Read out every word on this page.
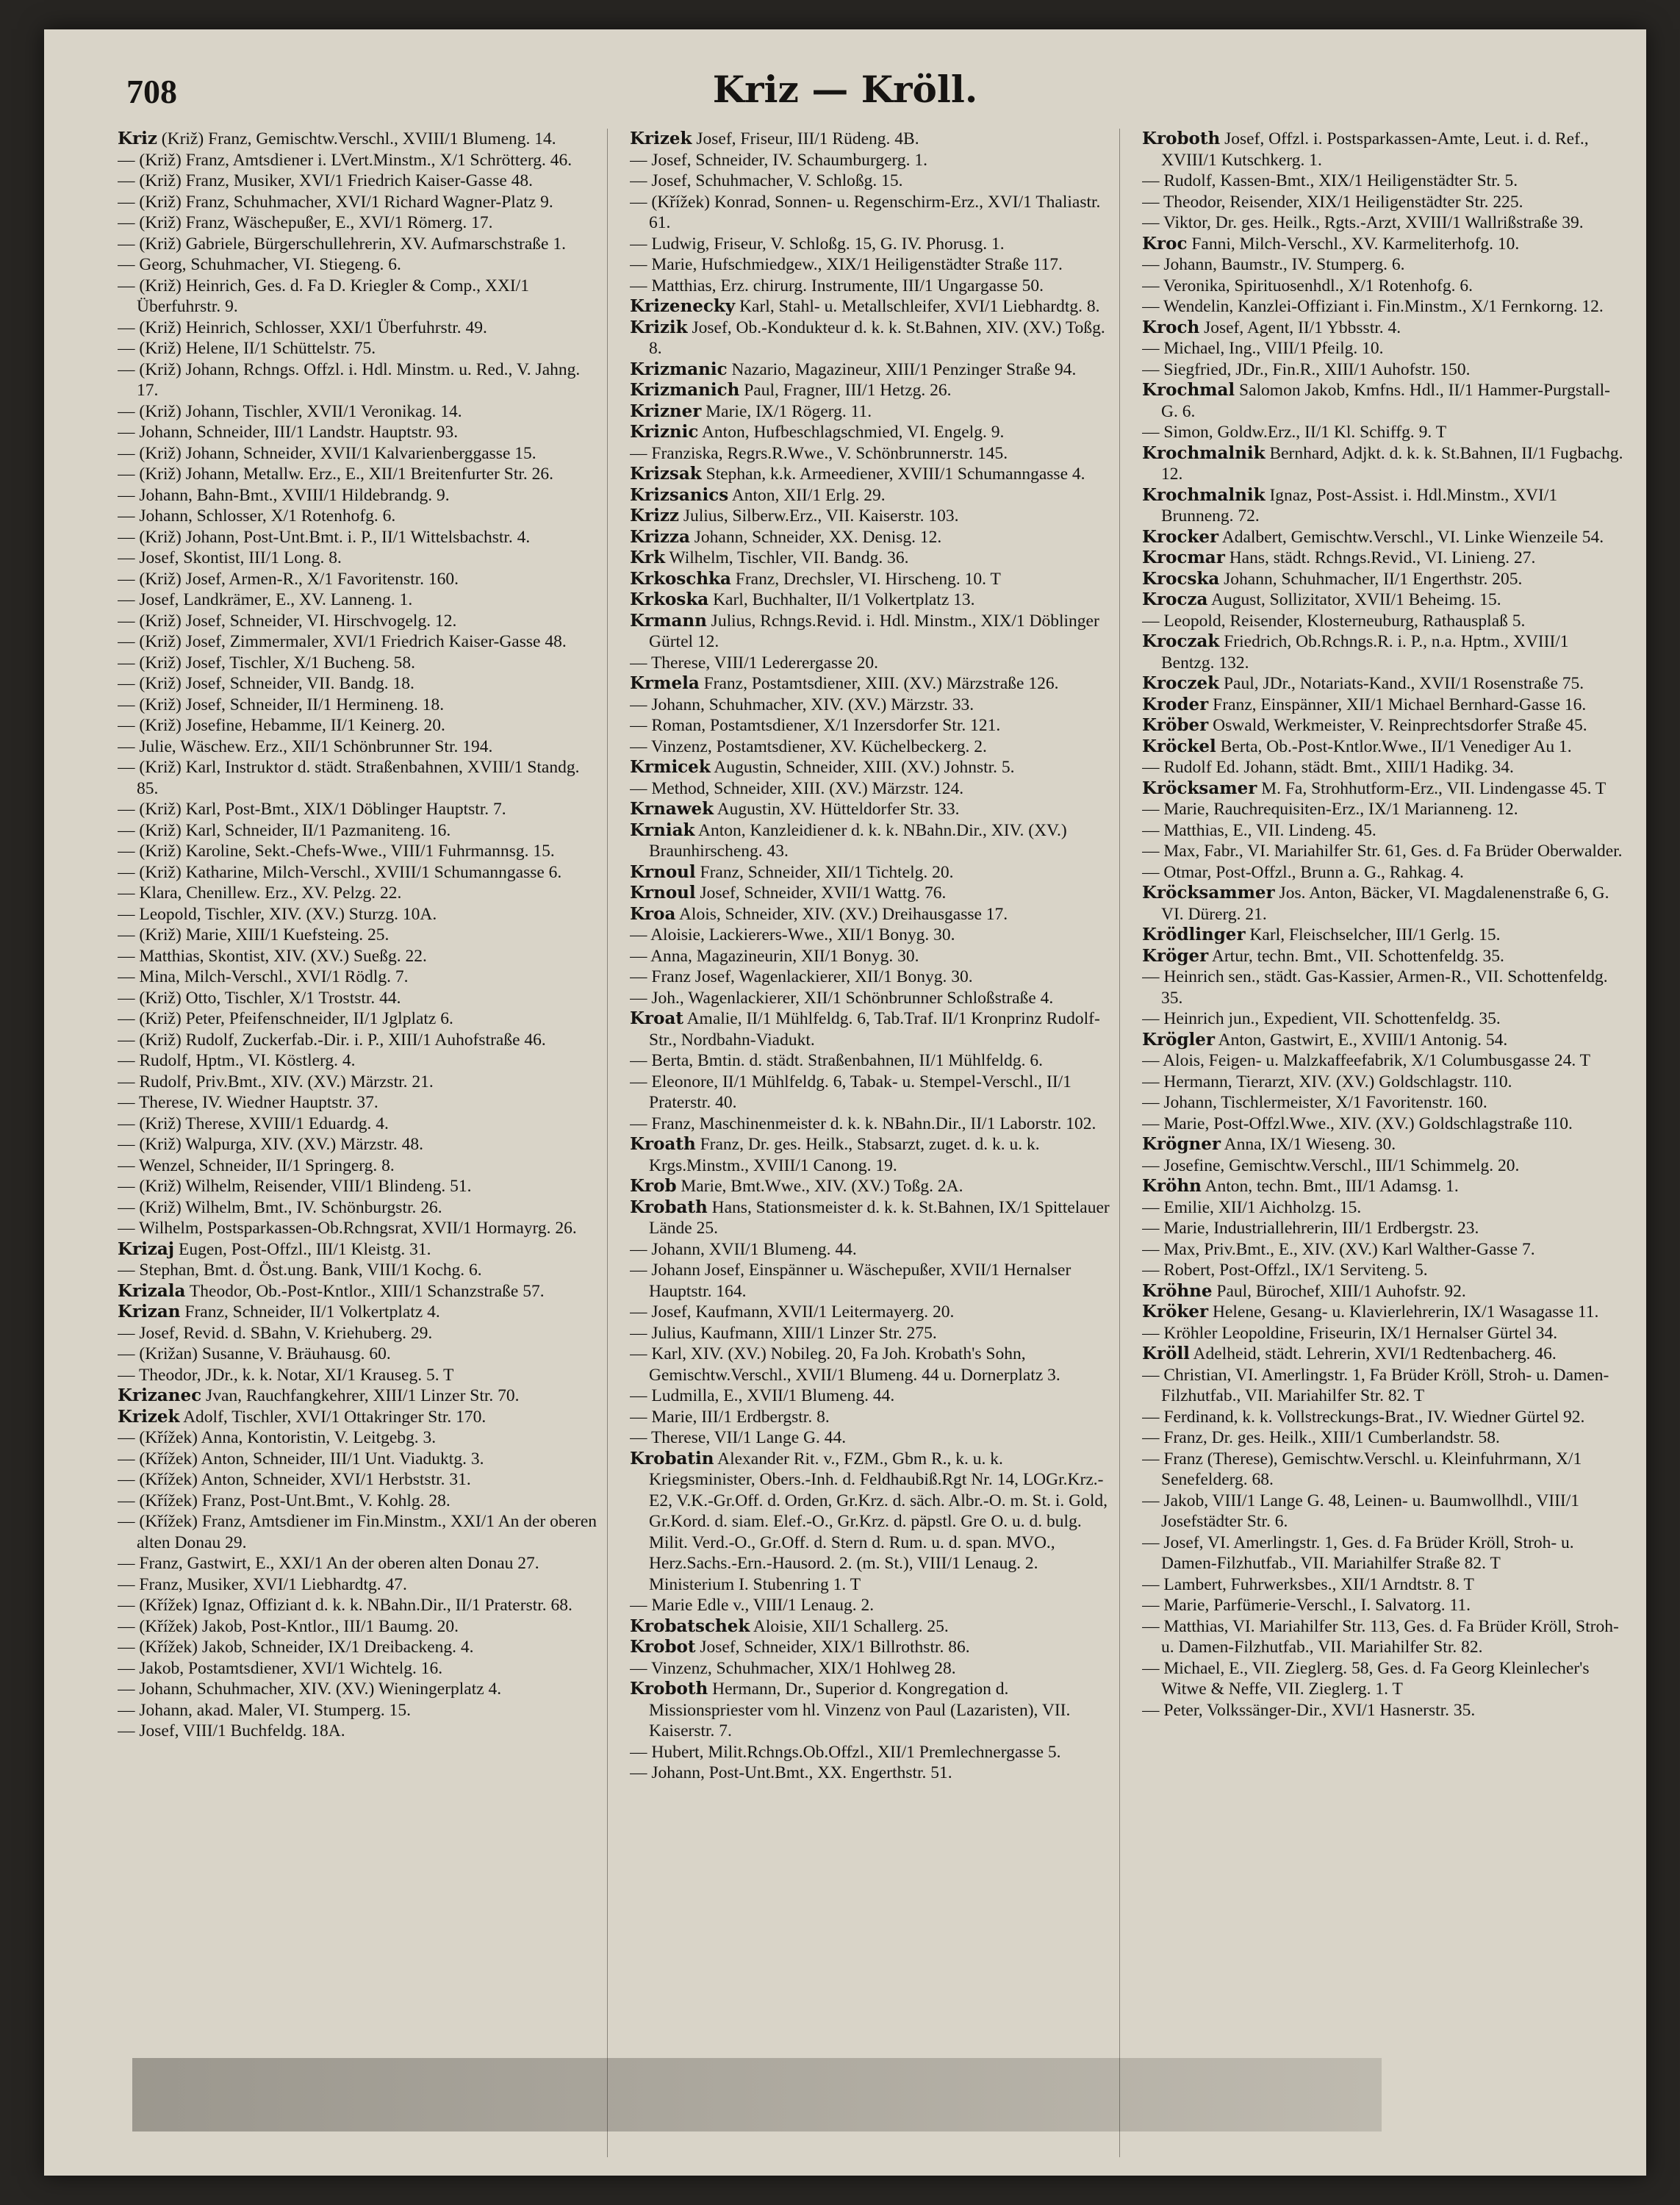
708	Kriz — Kröll.

Kriz (Križ) Franz, Gemischtw.Verschl., XVIII/1 Blumeng. 14.

— (Križ) Franz, Amtsdiener i. LVert.Minstm., X/1 Schrötterg. 46.

— (Križ) Franz, Musiker, XVI/1 Friedrich Kaiser-Gasse 48.

— (Križ) Franz, Schuhmacher, XVI/1 Richard Wagner-Platz 9.

— (Križ) Franz, Wäschepußer, E., XVI/1 Römerg. 17.

— (Križ) Gabriele, Bürgerschullehrerin, XV. Aufmarschstraße 1.

— Georg, Schuhmacher, VI. Stiegeng. 6.

— (Križ) Heinrich, Ges. d. Fa D. Kriegler & Comp., XXI/1 Überfuhrstr. 9.

— (Križ) Heinrich, Schlosser, XXI/1 Überfuhrstr. 49.

— (Križ) Helene, II/1 Schüttelstr. 75.

— (Križ) Johann, Rchngs. Offzl. i. Hdl. Minstm. u. Red., V. Jahng. 17.

— (Križ) Johann, Tischler, XVII/1 Veronikag. 14.

— Johann, Schneider, III/1 Landstr. Hauptstr. 93.

— (Križ) Johann, Schneider, XVII/1 Kalvarienberggasse 15.

— (Križ) Johann, Metallw. Erz., E., XII/1 Breitenfurter Str. 26.

— Johann, Bahn-Bmt., XVIII/1 Hildebrandg. 9.

— Johann, Schlosser, X/1 Rotenhofg. 6.

— (Križ) Johann, Post-Unt.Bmt. i. P., II/1 Wittelsbachstr. 4.

— Josef, Skontist, III/1 Long. 8.

— (Križ) Josef, Armen-R., X/1 Favoritenstr. 160.

— Josef, Landkrämer, E., XV. Lanneng. 1.

— (Križ) Josef, Schneider, VI. Hirschvogelg. 12.

— (Križ) Josef, Zimmermaler, XVI/1 Friedrich Kaiser-Gasse 48.

— (Križ) Josef, Tischler, X/1 Bucheng. 58.

— (Križ) Josef, Schneider, VII. Bandg. 18.

— (Križ) Josef, Schneider, II/1 Hermineng. 18.

— (Križ) Josefine, Hebamme, II/1 Keinerg. 20.

— Julie, Wäschew. Erz., XII/1 Schönbrunner Str. 194.

— (Križ) Karl, Instruktor d. städt. Straßenbahnen, XVIII/1 Standg. 85.

— (Križ) Karl, Post-Bmt., XIX/1 Döblinger Hauptstr. 7.

— (Križ) Karl, Schneider, II/1 Pazmaniteng. 16.

— (Križ) Karoline, Sekt.-Chefs-Wwe., VIII/1 Fuhrmannsg. 15.

— (Križ) Katharine, Milch-Verschl., XVIII/1 Schumanngasse 6.

— Klara, Chenillew. Erz., XV. Pelzg. 22.

— Leopold, Tischler, XIV. (XV.) Sturzg. 10A.

— (Križ) Marie, XIII/1 Kuefsteing. 25.

— Matthias, Skontist, XIV. (XV.) Sueßg. 22.

— Mina, Milch-Verschl., XVI/1 Rödlg. 7.

— (Križ) Otto, Tischler, X/1 Troststr. 44.

— (Križ) Peter, Pfeifenschneider, II/1 Jglplatz 6.

— (Križ) Rudolf, Zuckerfab.-Dir. i. P., XIII/1 Auhofstraße 46.

— Rudolf, Hptm., VI. Köstlerg. 4.

— Rudolf, Priv.Bmt., XIV. (XV.) Märzstr. 21.

— Therese, IV. Wiedner Hauptstr. 37.

— (Križ) Therese, XVIII/1 Eduardg. 4.

— (Križ) Walpurga, XIV. (XV.) Märzstr. 48.

— Wenzel, Schneider, II/1 Springerg. 8.

— (Križ) Wilhelm, Reisender, VIII/1 Blindeng. 51.

— (Križ) Wilhelm, Bmt., IV. Schönburgstr. 26.

— Wilhelm, Postsparkassen-Ob.Rchngsrat, XVII/1 Hormayrg. 26.

Krizaj Eugen, Post-Offzl., III/1 Kleistg. 31.

— Stephan, Bmt. d. Öst.ung. Bank, VIII/1 Kochg. 6.

Krizala Theodor, Ob.-Post-Kntlor., XIII/1 Schanzstraße 57.

Krizan Franz, Schneider, II/1 Volkertplatz 4.

— Josef, Revid. d. SBahn, V. Kriehuberg. 29.

— (Križan) Susanne, V. Bräuhausg. 60.

— Theodor, JDr., k. k. Notar, XI/1 Krauseg. 5. T

Krizanec Jvan, Rauchfangkehrer, XIII/1 Linzer Str. 70.

Krizek Adolf, Tischler, XVI/1 Ottakringer Str. 170.

— (Křížek) Anna, Kontoristin, V. Leitgebg. 3.

— (Křížek) Anton, Schneider, III/1 Unt. Viaduktg. 3.

— (Křížek) Anton, Schneider, XVI/1 Herbststr. 31.

— (Křížek) Franz, Post-Unt.Bmt., V. Kohlg. 28.

— (Křížek) Franz, Amtsdiener im Fin.Minstm., XXI/1 An der oberen alten Donau 29.

— Franz, Gastwirt, E., XXI/1 An der oberen alten Donau 27.

— Franz, Musiker, XVI/1 Liebhardtg. 47.

— (Křížek) Ignaz, Offiziant d. k. k. NBahn.Dir., II/1 Praterstr. 68.

— (Křížek) Jakob, Post-Kntlor., III/1 Baumg. 20.

— (Křížek) Jakob, Schneider, IX/1 Dreibackeng. 4.

— Jakob, Postamtsdiener, XVI/1 Wichtelg. 16.

— Johann, Schuhmacher, XIV. (XV.) Wieningerplatz 4.

— Johann, akad. Maler, VI. Stumperg. 15.

— Josef, VIII/1 Buchfeldg. 18A.

Krizek Josef, Friseur, III/1 Rüdeng. 4B.

— Josef, Schneider, IV. Schaumburgerg. 1.

— Josef, Schuhmacher, V. Schloßg. 15.

— (Křížek) Konrad, Sonnen- u. Regenschirm-Erz., XVI/1 Thaliastr. 61.

— Ludwig, Friseur, V. Schloßg. 15, G. IV. Phorusg. 1.

— Marie, Hufschmiedgew., XIX/1 Heiligenstädter Straße 117.

— Matthias, Erz. chirurg. Instrumente, III/1 Ungargasse 50.

Krizenecky Karl, Stahl- u. Metallschleifer, XVI/1 Liebhardtg. 8.

Krizik Josef, Ob.-Kondukteur d. k. k. St.Bahnen, XIV. (XV.) Toßg. 8.

Krizmanic Nazario, Magazineur, XIII/1 Penzinger Straße 94.

Krizmanich Paul, Fragner, III/1 Hetzg. 26.

Krizner Marie, IX/1 Rögerg. 11.

Kriznic Anton, Hufbeschlagschmied, VI. Engelg. 9.

— Franziska, Regrs.R.Wwe., V. Schönbrunnerstr. 145.

Krizsak Stephan, k.k. Armeediener, XVIII/1 Schumanngasse 4.

Krizsanics Anton, XII/1 Erlg. 29.

Krizz Julius, Silberw.Erz., VII. Kaiserstr. 103.

Krizza Johann, Schneider, XX. Denisg. 12.

Krk Wilhelm, Tischler, VII. Bandg. 36.

Krkoschka Franz, Drechsler, VI. Hirscheng. 10. T

Krkoska Karl, Buchhalter, II/1 Volkertplatz 13.

Krmann Julius, Rchngs.Revid. i. Hdl. Minstm., XIX/1 Döblinger Gürtel 12.

— Therese, VIII/1 Lederergasse 20.

Krmela Franz, Postamtsdiener, XIII. (XV.) Märzstraße 126.

— Johann, Schuhmacher, XIV. (XV.) Märzstr. 33.

— Roman, Postamtsdiener, X/1 Inzersdorfer Str. 121.

— Vinzenz, Postamtsdiener, XV. Küchelbeckerg. 2.

Krmicek Augustin, Schneider, XIII. (XV.) Johnstr. 5.

— Method, Schneider, XIII. (XV.) Märzstr. 124.

Krnawek Augustin, XV. Hütteldorfer Str. 33.

Krniak Anton, Kanzleidiener d. k. k. NBahn.Dir., XIV. (XV.) Braunhirscheng. 43.

Krnoul Franz, Schneider, XII/1 Tichtelg. 20.

Krnoul Josef, Schneider, XVII/1 Wattg. 76.

Kroa Alois, Schneider, XIV. (XV.) Dreihausgasse 17.

— Aloisie, Lackierers-Wwe., XII/1 Bonyg. 30.

— Anna, Magazineurin, XII/1 Bonyg. 30.

— Franz Josef, Wagenlackierer, XII/1 Bonyg. 30.

— Joh., Wagenlackierer, XII/1 Schönbrunner Schloßstraße 4.

Kroat Amalie, II/1 Mühlfeldg. 6, Tab.Traf. II/1 Kronprinz Rudolf-Str., Nordbahn-Viadukt.

— Berta, Bmtin. d. städt. Straßenbahnen, II/1 Mühlfeldg. 6.

— Eleonore, II/1 Mühlfeldg. 6, Tabak- u. Stempel-Verschl., II/1 Praterstr. 40.

— Franz, Maschinenmeister d. k. k. NBahn.Dir., II/1 Laborstr. 102.

Kroath Franz, Dr. ges. Heilk., Stabsarzt, zuget. d. k. u. k. Krgs.Minstm., XVIII/1 Canong. 19.

Krob Marie, Bmt.Wwe., XIV. (XV.) Toßg. 2A.

Krobath Hans, Stationsmeister d. k. k. St.Bahnen, IX/1 Spittelauer Lände 25.

— Johann, XVII/1 Blumeng. 44.

— Johann Josef, Einspänner u. Wäschepußer, XVII/1 Hernalser Hauptstr. 164.

— Josef, Kaufmann, XVII/1 Leitermayerg. 20.

— Julius, Kaufmann, XIII/1 Linzer Str. 275.

— Karl, XIV. (XV.) Nobileg. 20, Fa Joh. Krobath's Sohn, Gemischtw.Verschl., XVII/1 Blumeng. 44 u. Dornerplatz 3.

— Ludmilla, E., XVII/1 Blumeng. 44.

— Marie, III/1 Erdbergstr. 8.

— Therese, VII/1 Lange G. 44.

Krobatin Alexander Rit. v., FZM., Gbm R., k. u. k. Kriegsminister, Obers.-Inh. d. Feldhaubiß.Rgt Nr. 14, LOGr.Krz.-E2, V.K.-Gr.Off. d. Orden, Gr.Krz. d. säch. Albr.-O. m. St. i. Gold, Gr.Kord. d. siam. Elef.-O., Gr.Krz. d. päpstl. Gre O. u. d. bulg. Milit. Verd.-O., Gr.Off. d. Stern d. Rum. u. d. span. MVO., Herz.Sachs.-Ern.-Hausord. 2. (m. St.), VIII/1 Lenaug. 2. Ministerium I. Stubenring 1. T

— Marie Edle v., VIII/1 Lenaug. 2.

Krobatschek Aloisie, XII/1 Schallerg. 25.

Krobot Josef, Schneider, XIX/1 Billrothstr. 86.

— Vinzenz, Schuhmacher, XIX/1 Hohlweg 28.

Kroboth Hermann, Dr., Superior d. Kongregation d. Missionspriester vom hl. Vinzenz von Paul (Lazaristen), VII. Kaiserstr. 7.

— Hubert, Milit.Rchngs.Ob.Offzl., XII/1 Premlechnergasse 5.

— Johann, Post-Unt.Bmt., XX. Engerthstr. 51.

Kroboth Josef, Offzl. i. Postsparkassen-Amte, Leut. i. d. Ref., XVIII/1 Kutschkerg. 1.

— Rudolf, Kassen-Bmt., XIX/1 Heiligenstädter Str. 5.

— Theodor, Reisender, XIX/1 Heiligenstädter Str. 225.

— Viktor, Dr. ges. Heilk., Rgts.-Arzt, XVIII/1 Wallrißstraße 39.

Kroc Fanni, Milch-Verschl., XV. Karmeliterhofg. 10.

— Johann, Baumstr., IV. Stumperg. 6.

— Veronika, Spirituosenhdl., X/1 Rotenhofg. 6.

— Wendelin, Kanzlei-Offiziant i. Fin.Minstm., X/1 Fernkorng. 12.

Kroch Josef, Agent, II/1 Ybbsstr. 4.

— Michael, Ing., VIII/1 Pfeilg. 10.

— Siegfried, JDr., Fin.R., XIII/1 Auhofstr. 150.

Krochmal Salomon Jakob, Kmfns. Hdl., II/1 Hammer-Purgstall-G. 6.

— Simon, Goldw.Erz., II/1 Kl. Schiffg. 9. T

Krochmalnik Bernhard, Adjkt. d. k. k. St.Bahnen, II/1 Fugbachg. 12.

Krochmalnik Ignaz, Post-Assist. i. Hdl.Minstm., XVI/1 Brunneng. 72.

Krocker Adalbert, Gemischtw.Verschl., VI. Linke Wienzeile 54.

Krocmar Hans, städt. Rchngs.Revid., VI. Linieng. 27.

Krocska Johann, Schuhmacher, II/1 Engerthstr. 205.

Krocza August, Sollizitator, XVII/1 Beheimg. 15.

— Leopold, Reisender, Klosterneuburg, Rathausplaß 5.

Kroczak Friedrich, Ob.Rchngs.R. i. P., n.a. Hptm., XVIII/1 Bentzg. 132.

Kroczek Paul, JDr., Notariats-Kand., XVII/1 Rosenstraße 75.

Kroder Franz, Einspänner, XII/1 Michael Bernhard-Gasse 16.

Kröber Oswald, Werkmeister, V. Reinprechtsdorfer Straße 45.

Kröckel Berta, Ob.-Post-Kntlor.Wwe., II/1 Venediger Au 1.

— Rudolf Ed. Johann, städt. Bmt., XIII/1 Hadikg. 34.

Kröcksamer M. Fa, Strohhutform-Erz., VII. Lindengasse 45. T

— Marie, Rauchrequisiten-Erz., IX/1 Marianneng. 12.

— Matthias, E., VII. Lindeng. 45.

— Max, Fabr., VI. Mariahilfer Str. 61, Ges. d. Fa Brüder Oberwalder.

— Otmar, Post-Offzl., Brunn a. G., Rahkag. 4.

Kröcksammer Jos. Anton, Bäcker, VI. Magdalenenstraße 6, G. VI. Dürerg. 21.

Krödlinger Karl, Fleischselcher, III/1 Gerlg. 15.

Kröger Artur, techn. Bmt., VII. Schottenfeldg. 35.

— Heinrich sen., städt. Gas-Kassier, Armen-R., VII. Schottenfeldg. 35.

— Heinrich jun., Expedient, VII. Schottenfeldg. 35.

Krögler Anton, Gastwirt, E., XVIII/1 Antonig. 54.

— Alois, Feigen- u. Malzkaffeefabrik, X/1 Columbusgasse 24. T

— Hermann, Tierarzt, XIV. (XV.) Goldschlagstr. 110.

— Johann, Tischlermeister, X/1 Favoritenstr. 160.

— Marie, Post-Offzl.Wwe., XIV. (XV.) Goldschlagstraße 110.

Krögner Anna, IX/1 Wieseng. 30.

— Josefine, Gemischtw.Verschl., III/1 Schimmelg. 20.

Kröhn Anton, techn. Bmt., III/1 Adamsg. 1.

— Emilie, XII/1 Aichholzg. 15.

— Marie, Industriallehrerin, III/1 Erdbergstr. 23.

— Max, Priv.Bmt., E., XIV. (XV.) Karl Walther-Gasse 7.

— Robert, Post-Offzl., IX/1 Serviteng. 5.

Kröhne Paul, Bürochef, XIII/1 Auhofstr. 92.

Kröker Helene, Gesang- u. Klavierlehrerin, IX/1 Wasagasse 11.

— Kröhler Leopoldine, Friseurin, IX/1 Hernalser Gürtel 34.

Kröll Adelheid, städt. Lehrerin, XVI/1 Redtenbacherg. 46.

— Christian, VI. Amerlingstr. 1, Fa Brüder Kröll, Stroh- u. Damen-Filzhutfab., VII. Mariahilfer Str. 82. T

— Ferdinand, k. k. Vollstreckungs-Brat., IV. Wiedner Gürtel 92.

— Franz, Dr. ges. Heilk., XIII/1 Cumberlandstr. 58.

— Franz (Therese), Gemischtw.Verschl. u. Kleinfuhrmann, X/1 Senefelderg. 68.

— Jakob, VIII/1 Lange G. 48, Leinen- u. Baumwollhdl., VIII/1 Josefstädter Str. 6.

— Josef, VI. Amerlingstr. 1, Ges. d. Fa Brüder Kröll, Stroh- u. Damen-Filzhutfab., VII. Mariahilfer Straße 82. T

— Lambert, Fuhrwerksbes., XII/1 Arndtstr. 8. T

— Marie, Parfümerie-Verschl., I. Salvatorg. 11.

— Matthias, VI. Mariahilfer Str. 113, Ges. d. Fa Brüder Kröll, Stroh- u. Damen-Filzhutfab., VII. Mariahilfer Str. 82.

— Michael, E., VII. Zieglerg. 58, Ges. d. Fa Georg Kleinlecher's Witwe & Neffe, VII. Zieglerg. 1. T

— Peter, Volkssänger-Dir., XVI/1 Hasnerstr. 35.
